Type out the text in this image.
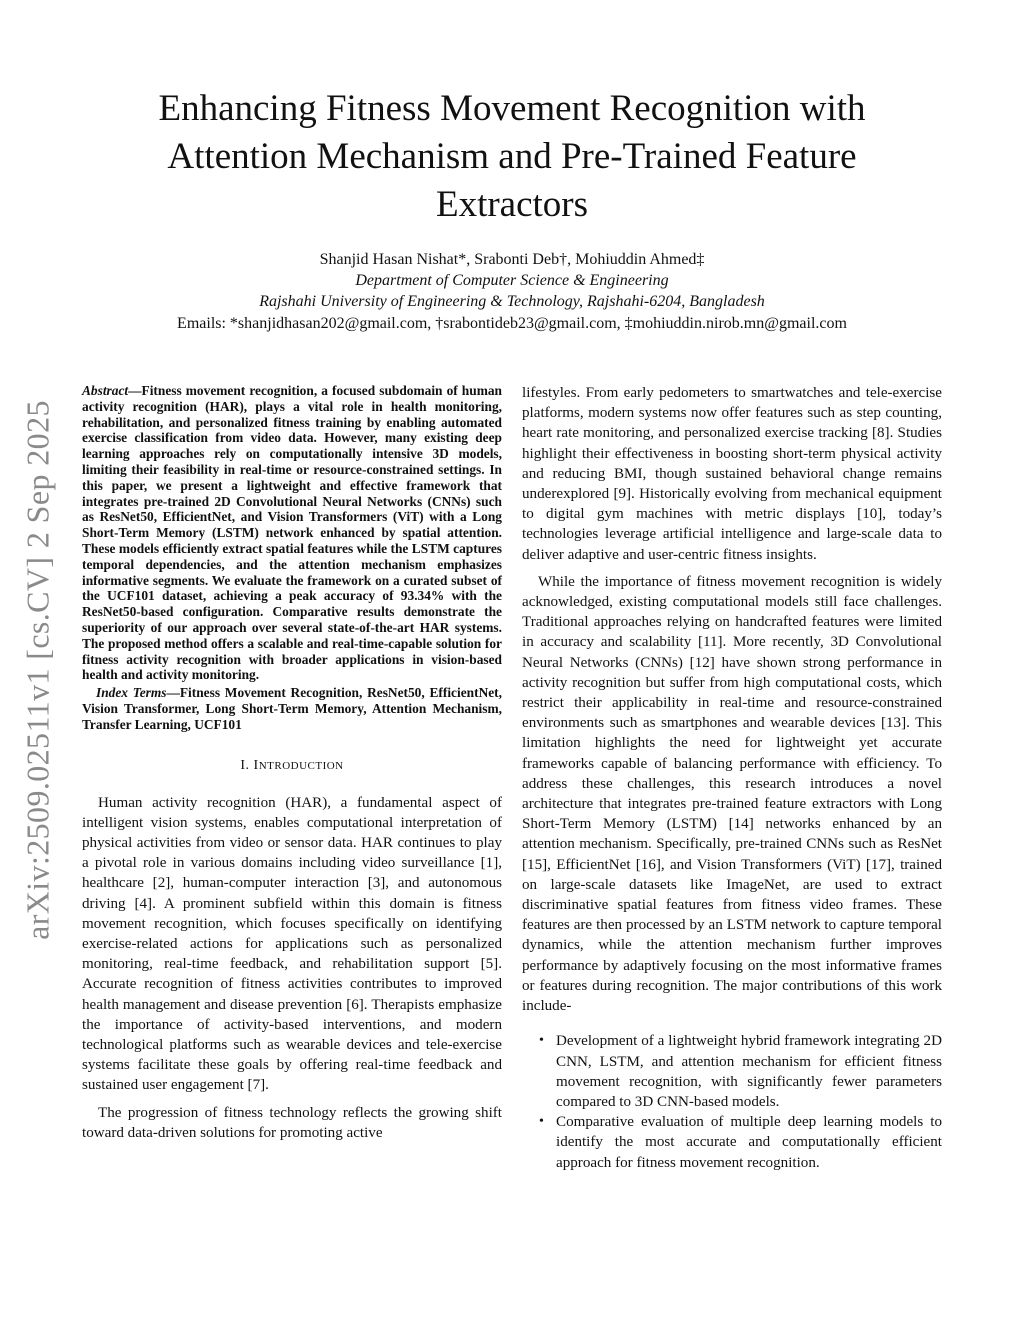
Enhancing Fitness Movement Recognition with Attention Mechanism and Pre-Trained Feature Extractors
Shanjid Hasan Nishat*, Srabonti Deb†, Mohiuddin Ahmed‡
Department of Computer Science & Engineering
Rajshahi University of Engineering & Technology, Rajshahi-6204, Bangladesh
Emails: *shanjidhasan202@gmail.com, †srabontideb23@gmail.com, ‡mohiuddin.nirob.mn@gmail.com
arXiv:2509.02511v1 [cs.CV] 2 Sep 2025

Abstract—Fitness movement recognition, a focused subdomain of human activity recognition (HAR), plays a vital role in health monitoring, rehabilitation, and personalized fitness training by enabling automated exercise classification from video data. However, many existing deep learning approaches rely on computationally intensive 3D models, limiting their feasibility in real-time or resource-constrained settings. In this paper, we present a lightweight and effective framework that integrates pre-trained 2D Convolutional Neural Networks (CNNs) such as ResNet50, EfficientNet, and Vision Transformers (ViT) with a Long Short-Term Memory (LSTM) network enhanced by spatial attention. These models efficiently extract spatial features while the LSTM captures temporal dependencies, and the attention mechanism emphasizes informative segments. We evaluate the framework on a curated subset of the UCF101 dataset, achieving a peak accuracy of 93.34% with the ResNet50-based configuration. Comparative results demonstrate the superiority of our approach over several state-of-the-art HAR systems. The proposed method offers a scalable and real-time-capable solution for fitness activity recognition with broader applications in vision-based health and activity monitoring.

Index Terms—Fitness Movement Recognition, ResNet50, EfficientNet, Vision Transformer, Long Short-Term Memory, Attention Mechanism, Transfer Learning, UCF101

I. INTRODUCTION

Human activity recognition (HAR), a fundamental aspect of intelligent vision systems, enables computational interpretation of physical activities from video or sensor data. HAR continues to play a pivotal role in various domains including video surveillance [1], healthcare [2], human-computer interaction [3], and autonomous driving [4]. A prominent subfield within this domain is fitness movement recognition, which focuses specifically on identifying exercise-related actions for applications such as personalized monitoring, real-time feedback, and rehabilitation support [5]. Accurate recognition of fitness activities contributes to improved health management and disease prevention [6]. Therapists emphasize the importance of activity-based interventions, and modern technological platforms such as wearable devices and tele-exercise systems facilitate these goals by offering real-time feedback and sustained user engagement [7].

The progression of fitness technology reflects the growing shift toward data-driven solutions for promoting active

lifestyles. From early pedometers to smartwatches and tele-exercise platforms, modern systems now offer features such as step counting, heart rate monitoring, and personalized exercise tracking [8]. Studies highlight their effectiveness in boosting short-term physical activity and reducing BMI, though sustained behavioral change remains underexplored [9]. Historically evolving from mechanical equipment to digital gym machines with metric displays [10], today’s technologies leverage artificial intelligence and large-scale data to deliver adaptive and user-centric fitness insights.

While the importance of fitness movement recognition is widely acknowledged, existing computational models still face challenges. Traditional approaches relying on handcrafted features were limited in accuracy and scalability [11]. More recently, 3D Convolutional Neural Networks (CNNs) [12] have shown strong performance in activity recognition but suffer from high computational costs, which restrict their applicability in real-time and resource-constrained environments such as smartphones and wearable devices [13]. This limitation highlights the need for lightweight yet accurate frameworks capable of balancing performance with efficiency. To address these challenges, this research introduces a novel architecture that integrates pre-trained feature extractors with Long Short-Term Memory (LSTM) [14] networks enhanced by an attention mechanism. Specifically, pre-trained CNNs such as ResNet [15], EfficientNet [16], and Vision Transformers (ViT) [17], trained on large-scale datasets like ImageNet, are used to extract discriminative spatial features from fitness video frames. These features are then processed by an LSTM network to capture temporal dynamics, while the attention mechanism further improves performance by adaptively focusing on the most informative frames or features during recognition. The major contributions of this work include-

• Development of a lightweight hybrid framework integrating 2D CNN, LSTM, and attention mechanism for efficient fitness movement recognition, with significantly fewer parameters compared to 3D CNN-based models.
• Comparative evaluation of multiple deep learning models to identify the most accurate and computationally efficient approach for fitness movement recognition.
